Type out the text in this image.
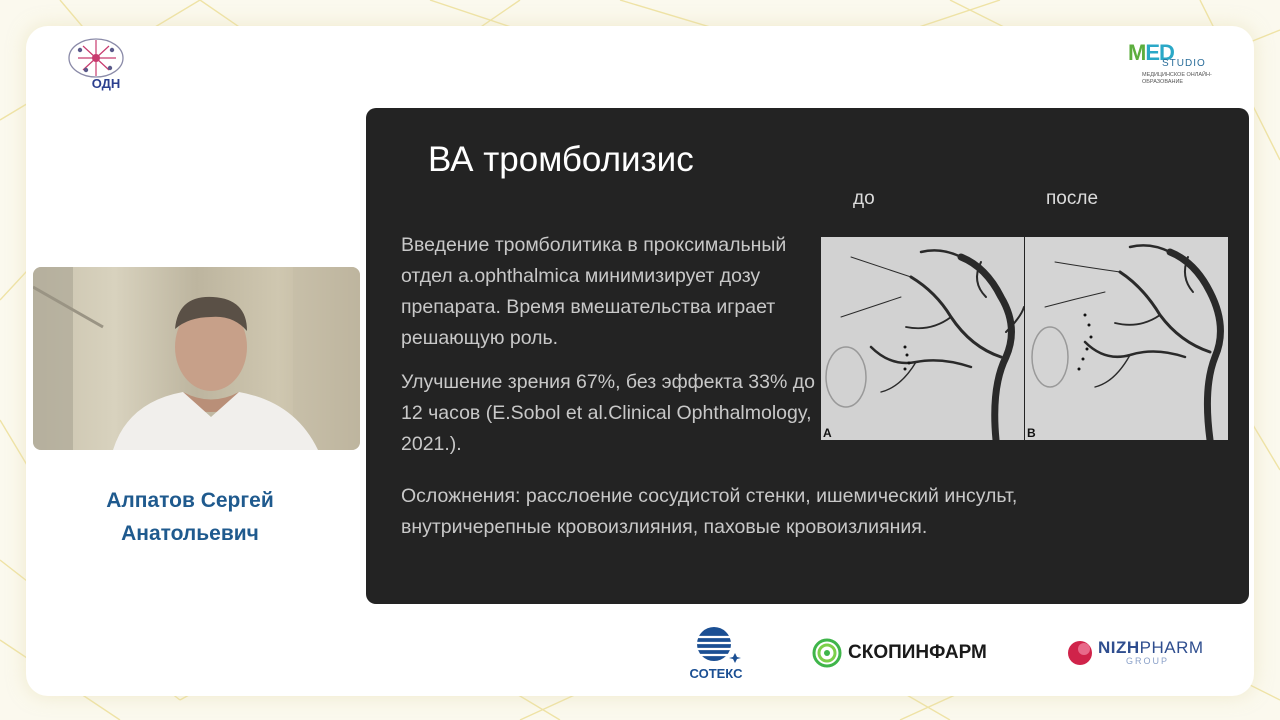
ОДН
MED
STUDIO
МЕДИЦИНСКОЕ ОНЛАЙН-ОБРАЗОВАНИЕ
Алпатов Сергей
Анатольевич
ВА тромболизис
до	после

Введение тромболитика в проксимальный отдел a.ophthalmica минимизирует дозу препарата. Время вмешательства играет решающую роль.

Улучшение зрения 67%, без эффекта 33% до 12 часов (E.Sobol et al.Clinical Ophthalmology, 2021.).

Осложнения: расслоение сосудистой стенки, ишемический инсульт, внутричерепные кровоизлияния, паховые кровоизлияния.

A	B
СОТЕКС
СКОПИНФАРМ	NIZHPHARM
GROUP
